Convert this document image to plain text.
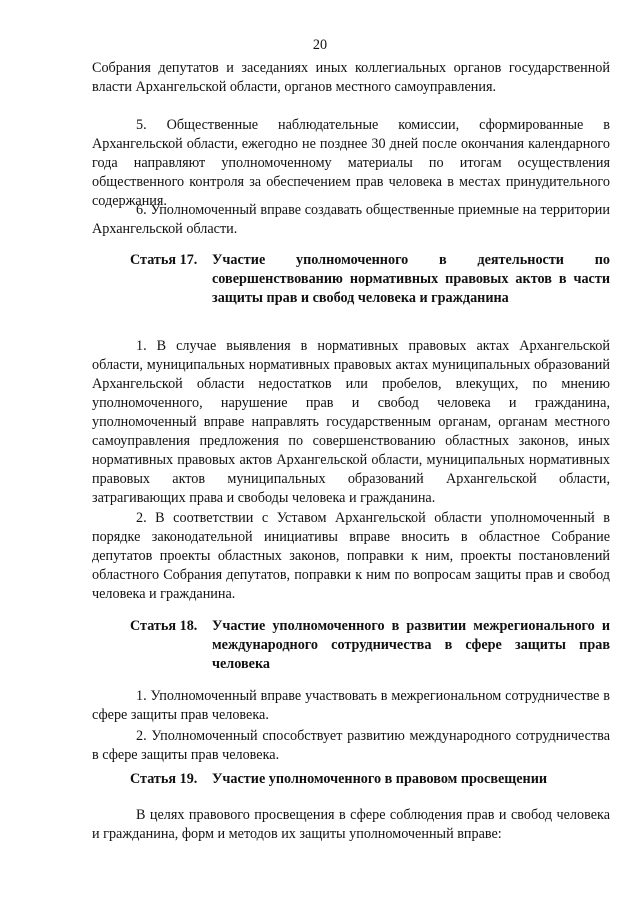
20

Собрания депутатов и заседаниях иных коллегиальных органов государственной власти Архангельской области, органов местного самоуправления.

5. Общественные наблюдательные комиссии, сформированные в Архангельской области, ежегодно не позднее 30 дней после окончания календарного года направляют уполномоченному материалы по итогам осуществления общественного контроля за обеспечением прав человека в местах принудительного содержания.

6. Уполномоченный вправе создавать общественные приемные на территории Архангельской области.

Статья 17. Участие уполномоченного в деятельности по совершенствованию нормативных правовых актов в части защиты прав и свобод человека и гражданина

1. В случае выявления в нормативных правовых актах Архангельской области, муниципальных нормативных правовых актах муниципальных образований Архангельской области недостатков или пробелов, влекущих, по мнению уполномоченного, нарушение прав и свобод человека и гражданина, уполномоченный вправе направлять государственным органам, органам местного самоуправления предложения по совершенствованию областных законов, иных нормативных правовых актов Архангельской области, муниципальных нормативных правовых актов муниципальных образований Архангельской области, затрагивающих права и свободы человека и гражданина.

2. В соответствии с Уставом Архангельской области уполномоченный в порядке законодательной инициативы вправе вносить в областное Собрание депутатов проекты областных законов, поправки к ним, проекты постановлений областного Собрания депутатов, поправки к ним по вопросам защиты прав и свобод человека и гражданина.

Статья 18. Участие уполномоченного в развитии межрегионального и международного сотрудничества в сфере защиты прав человека

1. Уполномоченный вправе участвовать в межрегиональном сотрудничестве в сфере защиты прав человека.

2. Уполномоченный способствует развитию международного сотрудничества в сфере защиты прав человека.

Статья 19. Участие уполномоченного в правовом просвещении

В целях правового просвещения в сфере соблюдения прав и свобод человека и гражданина, форм и методов их защиты уполномоченный вправе:
